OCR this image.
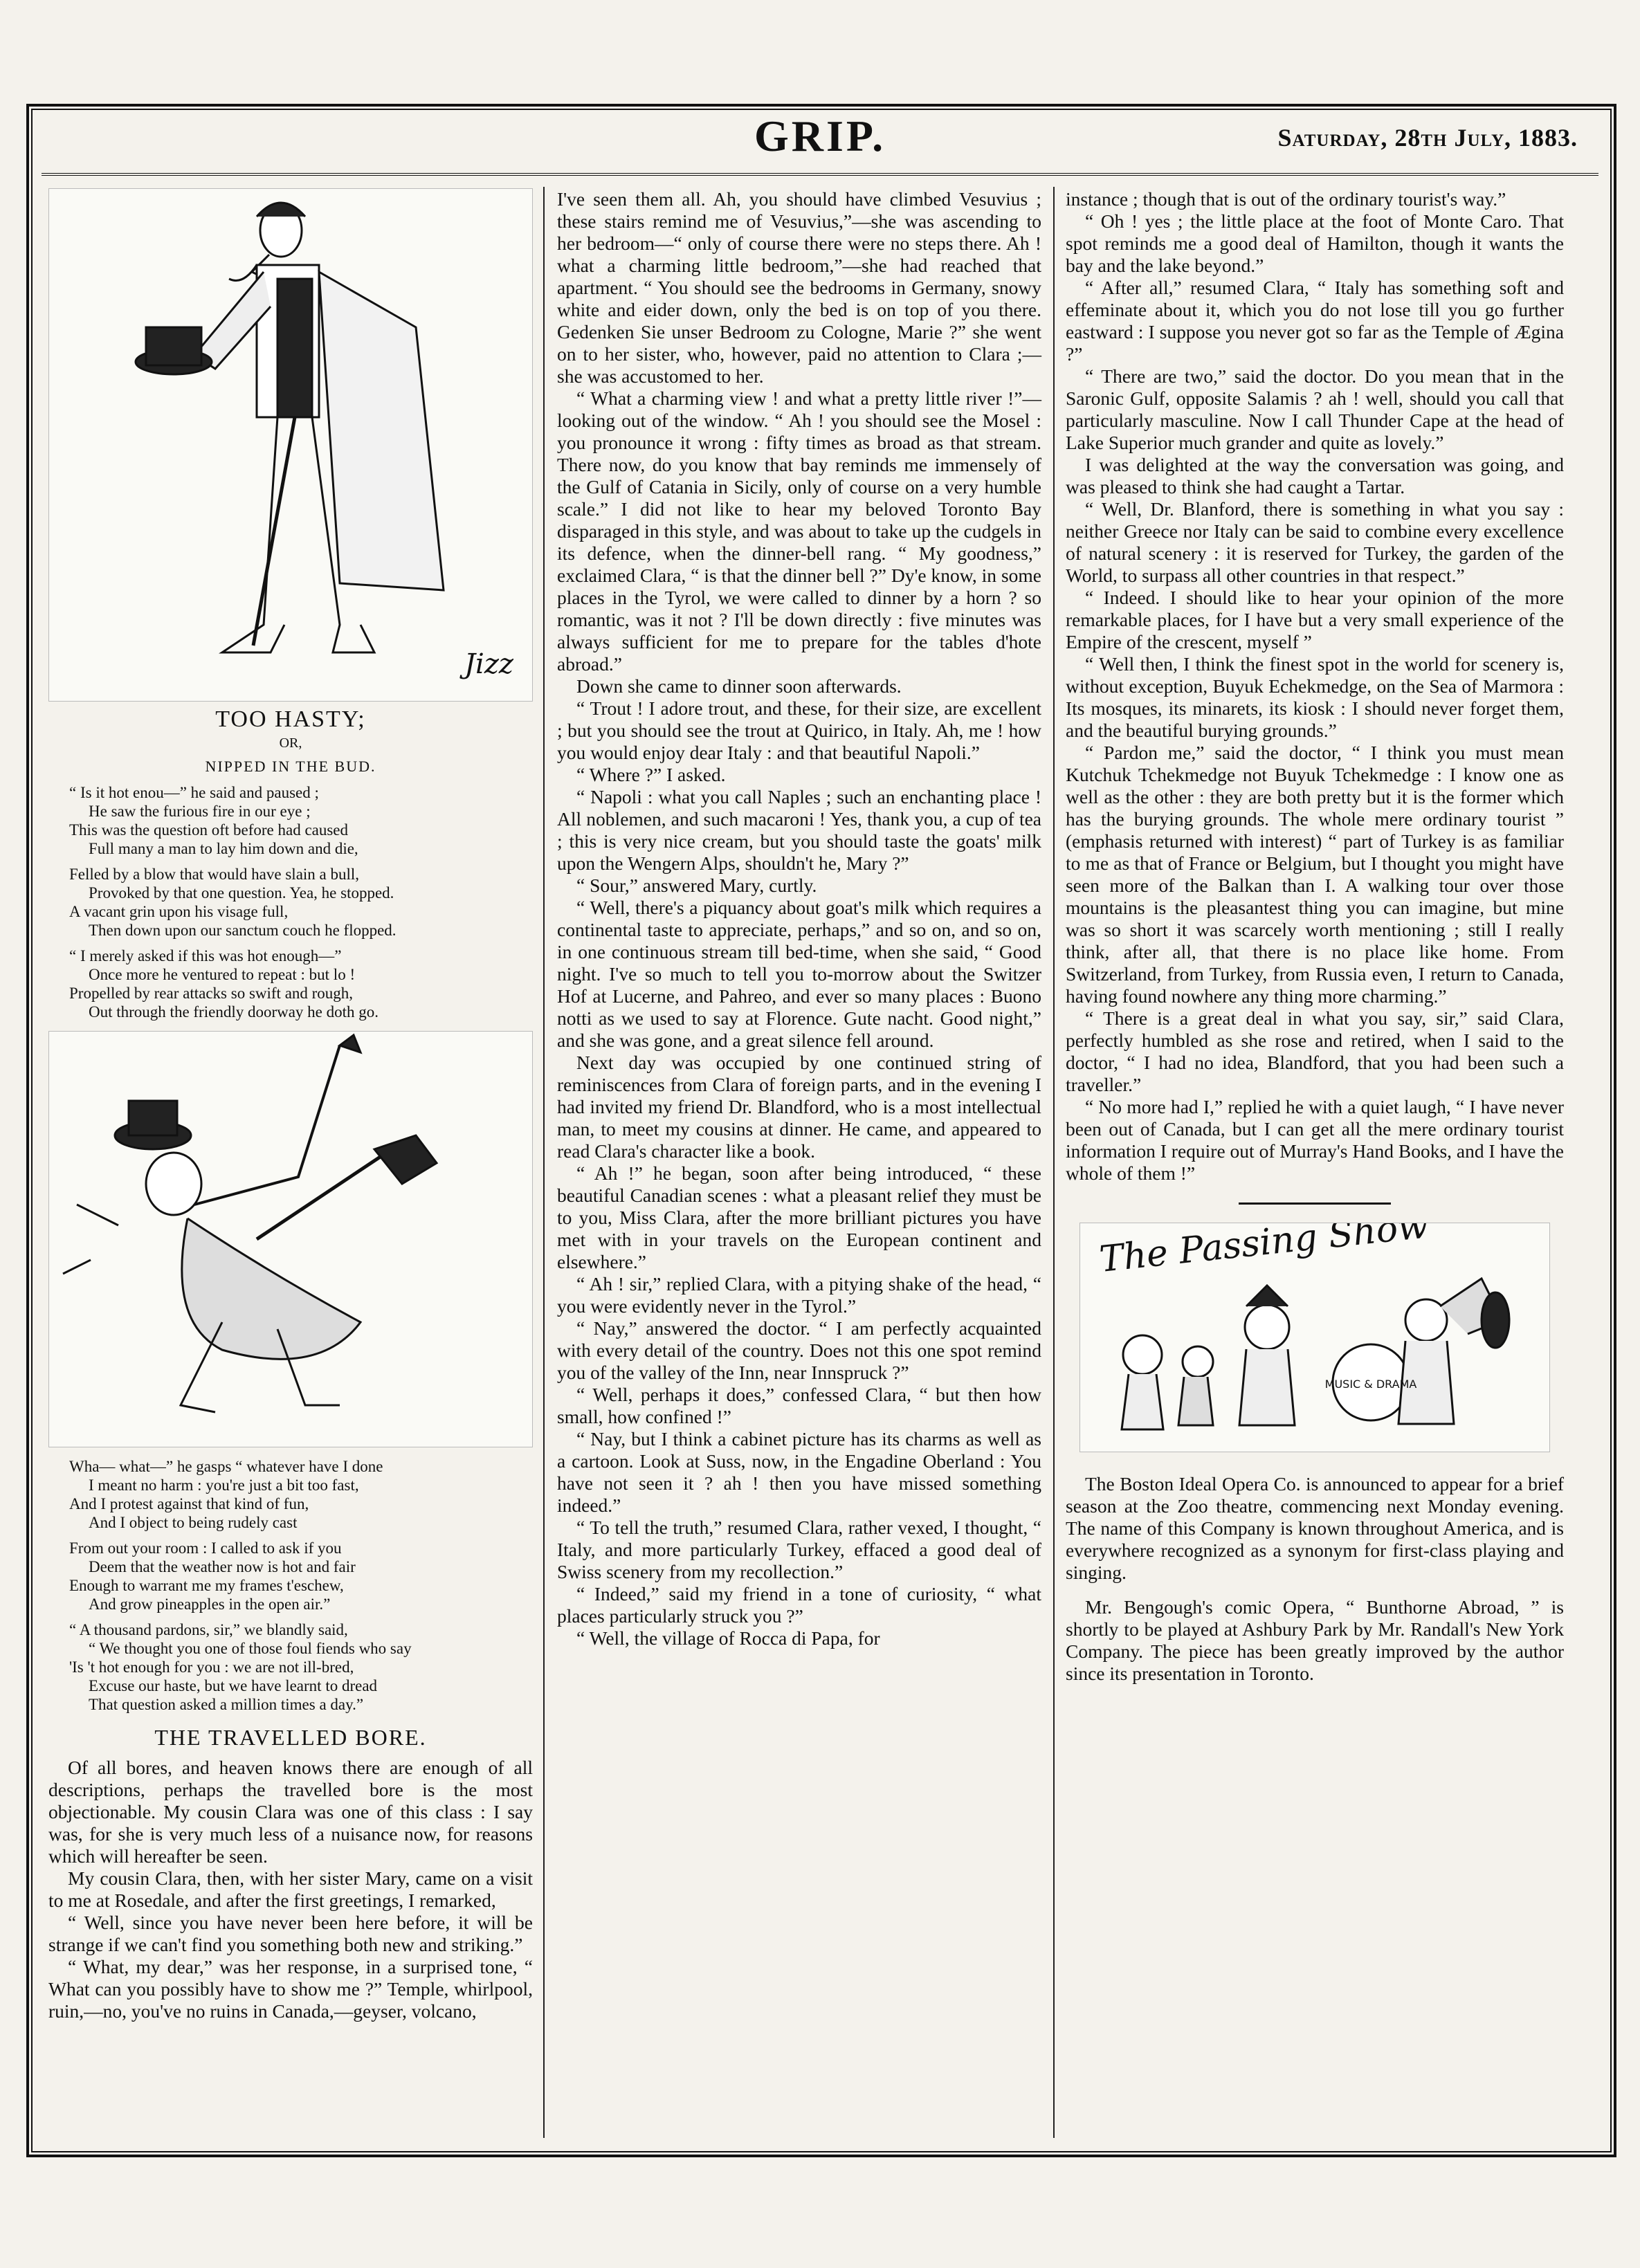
GRIP.	Saturday, 28th July, 1883.
Jizz
TOO HASTY;
OR,
NIPPED IN THE BUD.
“ Is it hot enou—” he said and paused ;
He saw the furious fire in our eye ;
This was the question oft before had caused
Full many a man to lay him down and die,
Felled by a blow that would have slain a bull,
Provoked by that one question. Yea, he stopped.
A vacant grin upon his visage full,
Then down upon our sanctum couch he flopped.
“ I merely asked if this was hot enough—”
Once more he ventured to repeat : but lo !
Propelled by rear attacks so swift and rough,
Out through the friendly doorway he doth go.
Wha— what—” he gasps “ whatever have I done
I meant no harm : you're just a bit too fast,
And I protest against that kind of fun,
And I object to being rudely cast
From out your room : I called to ask if you
Deem that the weather now is hot and fair
Enough to warrant me my frames t'eschew,
And grow pineapples in the open air.”
“ A thousand pardons, sir,” we blandly said,
“ We thought you one of those foul fiends who say
'Is 't hot enough for you : we are not ill-bred,
Excuse our haste, but we have learnt to dread
That question asked a million times a day.”
THE TRAVELLED BORE.

Of all bores, and heaven knows there are enough of all descriptions, perhaps the travelled bore is the most objectionable. My cousin Clara was one of this class : I say was, for she is very much less of a nuisance now, for reasons which will hereafter be seen.

My cousin Clara, then, with her sister Mary, came on a visit to me at Rosedale, and after the first greetings, I remarked,

“ Well, since you have never been here before, it will be strange if we can't find you something both new and striking.”

“ What, my dear,” was her response, in a surprised tone, “ What can you possibly have to show me ?” Temple, whirlpool, ruin,—no, you've no ruins in Canada,—geyser, volcano,

I've seen them all. Ah, you should have climbed Vesuvius ; these stairs remind me of Vesuvius,”—she was ascending to her bedroom—“ only of course there were no steps there. Ah ! what a charming little bedroom,”—she had reached that apartment. “ You should see the bedrooms in Germany, snowy white and eider down, only the bed is on top of you there. Gedenken Sie unser Bedroom zu Cologne, Marie ?” she went on to her sister, who, however, paid no attention to Clara ;—she was accustomed to her.

“ What a charming view ! and what a pretty little river !”—looking out of the window. “ Ah ! you should see the Mosel : you pronounce it wrong : fifty times as broad as that stream. There now, do you know that bay reminds me immensely of the Gulf of Catania in Sicily, only of course on a very humble scale.” I did not like to hear my beloved Toronto Bay disparaged in this style, and was about to take up the cudgels in its defence, when the dinner-bell rang. “ My goodness,” exclaimed Clara, “ is that the dinner bell ?” Dy'e know, in some places in the Tyrol, we were called to dinner by a horn ? so romantic, was it not ? I'll be down directly : five minutes was always sufficient for me to prepare for the tables d'hote abroad.”

Down she came to dinner soon afterwards.

“ Trout ! I adore trout, and these, for their size, are excellent ; but you should see the trout at Quirico, in Italy. Ah, me ! how you would enjoy dear Italy : and that beautiful Napoli.”

“ Where ?” I asked.

“ Napoli : what you call Naples ; such an enchanting place ! All noblemen, and such macaroni ! Yes, thank you, a cup of tea ; this is very nice cream, but you should taste the goats' milk upon the Wengern Alps, shouldn't he, Mary ?”

“ Sour,” answered Mary, curtly.

“ Well, there's a piquancy about goat's milk which requires a continental taste to appreciate, perhaps,” and so on, and so on, in one continuous stream till bed-time, when she said, “ Good night. I've so much to tell you to-morrow about the Switzer Hof at Lucerne, and Pahreo, and ever so many places : Buono notti as we used to say at Florence. Gute nacht. Good night,” and she was gone, and a great silence fell around.

Next day was occupied by one continued string of reminiscences from Clara of foreign parts, and in the evening I had invited my friend Dr. Blandford, who is a most intellectual man, to meet my cousins at dinner. He came, and appeared to read Clara's character like a book.

“ Ah !” he began, soon after being introduced, “ these beautiful Canadian scenes : what a pleasant relief they must be to you, Miss Clara, after the more brilliant pictures you have met with in your travels on the European continent and elsewhere.”

“ Ah ! sir,” replied Clara, with a pitying shake of the head, “ you were evidently never in the Tyrol.”

“ Nay,” answered the doctor. “ I am perfectly acquainted with every detail of the country. Does not this one spot remind you of the valley of the Inn, near Innspruck ?”

“ Well, perhaps it does,” confessed Clara, “ but then how small, how confined !”

“ Nay, but I think a cabinet picture has its charms as well as a cartoon. Look at Suss, now, in the Engadine Oberland : You have not seen it ? ah ! then you have missed something indeed.”

“ To tell the truth,” resumed Clara, rather vexed, I thought, “ Italy, and more particularly Turkey, effaced a good deal of Swiss scenery from my recollection.”

“ Indeed,” said my friend in a tone of curiosity, “ what places particularly struck you ?”

“ Well, the village of Rocca di Papa, for

instance ; though that is out of the ordinary tourist's way.”

“ Oh ! yes ; the little place at the foot of Monte Caro. That spot reminds me a good deal of Hamilton, though it wants the bay and the lake beyond.”

“ After all,” resumed Clara, “ Italy has something soft and effeminate about it, which you do not lose till you go further eastward : I suppose you never got so far as the Temple of Ægina ?”

“ There are two,” said the doctor. Do you mean that in the Saronic Gulf, opposite Salamis ? ah ! well, should you call that particularly masculine. Now I call Thunder Cape at the head of Lake Superior much grander and quite as lovely.”

I was delighted at the way the conversation was going, and was pleased to think she had caught a Tartar.

“ Well, Dr. Blanford, there is something in what you say : neither Greece nor Italy can be said to combine every excellence of natural scenery : it is reserved for Turkey, the garden of the World, to surpass all other countries in that respect.”

“ Indeed. I should like to hear your opinion of the more remarkable places, for I have but a very small experience of the Empire of the crescent, myself ”

“ Well then, I think the finest spot in the world for scenery is, without exception, Buyuk Echekmedge, on the Sea of Marmora : Its mosques, its minarets, its kiosk : I should never forget them, and the beautiful burying grounds.”

“ Pardon me,” said the doctor, “ I think you must mean Kutchuk Tchekmedge not Buyuk Tchekmedge : I know one as well as the other : they are both pretty but it is the former which has the burying grounds. The whole mere ordinary tourist ” (emphasis returned with interest) “ part of Turkey is as familiar to me as that of France or Belgium, but I thought you might have seen more of the Balkan than I. A walking tour over those mountains is the pleasantest thing you can imagine, but mine was so short it was scarcely worth mentioning ; still I really think, after all, that there is no place like home. From Switzerland, from Turkey, from Russia even, I return to Canada, having found nowhere any thing more charming.”

“ There is a great deal in what you say, sir,” said Clara, perfectly humbled as she rose and retired, when I said to the doctor, “ I had no idea, Blandford, that you had been such a traveller.”

“ No more had I,” replied he with a quiet laugh, “ I have never been out of Canada, but I can get all the mere ordinary tourist information I require out of Murray's Hand Books, and I have the whole of them !”

The Passing Show
MUSIC & DRAMA

The Boston Ideal Opera Co. is announced to appear for a brief season at the Zoo theatre, commencing next Monday evening. The name of this Company is known throughout America, and is everywhere recognized as a synonym for first-class playing and singing.

Mr. Bengough's comic Opera, “ Bunthorne Abroad, ” is shortly to be played at Ashbury Park by Mr. Randall's New York Company. The piece has been greatly improved by the author since its presentation in Toronto.
